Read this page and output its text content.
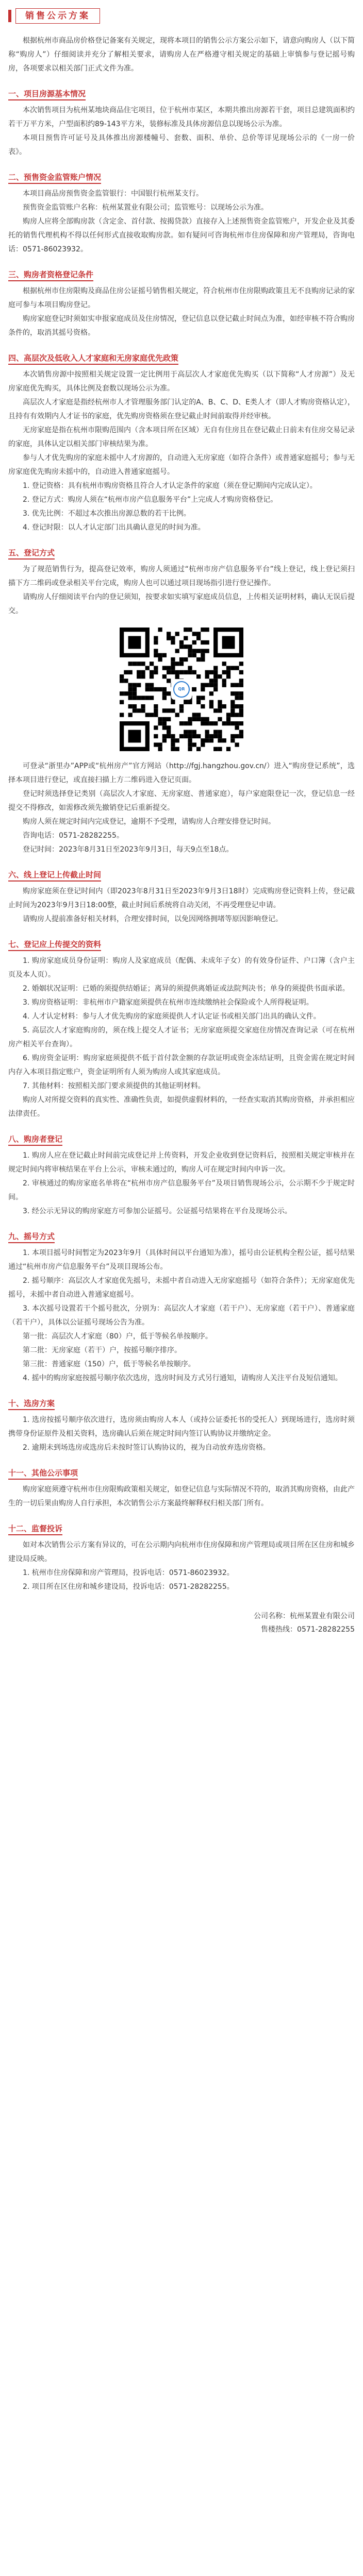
销售公示方案

根据杭州市商品房价格登记备案有关规定，现将本项目的销售公示方案公示如下，请意向购房人（以下简称“购房人”）仔细阅读并充分了解相关要求，请购房人在严格遵守相关规定的基础上审慎参与登记摇号购房，各项要求以相关部门正式文件为准。

一、项目房源基本情况

本次销售项目为杭州某地块商品住宅项目，位于杭州市某区，本期共推出房源若干套，项目总建筑面积约若干万平方米，户型面积约89-143平方米，装修标准及具体房源信息以现场公示为准。

本项目预售许可证号及具体推出房源楼幢号、套数、面积、单价、总价等详见现场公示的《一房一价表》。

二、预售资金监管账户情况

本项目商品房预售资金监管银行：中国银行杭州某支行。

预售资金监管账户名称：杭州某置业有限公司；监管账号：以现场公示为准。

购房人应将全部购房款（含定金、首付款、按揭贷款）直接存入上述预售资金监管账户，开发企业及其委托的销售代理机构不得以任何形式直接收取购房款。如有疑问可咨询杭州市住房保障和房产管理局，咨询电话：0571-86023932。

三、购房者资格登记条件

根据杭州市住房限购及商品住房公证摇号销售相关规定，符合杭州市住房限购政策且无不良购房记录的家庭可参与本项目购房登记。

购房家庭登记时须如实申报家庭成员及住房情况，登记信息以登记截止时间点为准，如经审核不符合购房条件的，取消其摇号资格。

四、高层次及低收入人才家庭和无房家庭优先政策

本次销售房源中按照相关规定设置一定比例用于高层次人才家庭优先购买（以下简称“人才房源”）及无房家庭优先购买，具体比例及套数以现场公示为准。

高层次人才家庭是指经杭州市人才管理服务部门认定的A、B、C、D、E类人才（即人才购房资格认定），且持有有效期内人才证书的家庭，优先购房资格须在登记截止时间前取得并经审核。

无房家庭是指在杭州市限购范围内（含本项目所在区域）无自有住房且在登记截止日前未有住房交易记录的家庭，具体认定以相关部门审核结果为准。

参与人才优先购房的家庭未摇中人才房源的，自动进入无房家庭（如符合条件）或普通家庭摇号；参与无房家庭优先购房未摇中的，自动进入普通家庭摇号。

1. 登记资格：具有杭州市购房资格且符合人才认定条件的家庭（须在登记期间内完成认定）。

2. 登记方式：购房人须在“杭州市房产信息服务平台”上完成人才购房资格登记。

3. 优先比例：不超过本次推出房源总数的若干比例。

4. 登记时限：以人才认定部门出具确认意见的时间为准。

五、登记方式

为了规范销售行为，提高登记效率，购房人须通过“杭州市房产信息服务平台”线上登记，线上登记须扫描下方二维码或登录相关平台完成，购房人也可以通过项目现场指引进行登记操作。

请购房人仔细阅读平台内的登记须知，按要求如实填写家庭成员信息，上传相关证明材料，确认无误后提交。

QR

可登录“浙里办”APP或“杭州房产”官方网站（http://fgj.hangzhou.gov.cn/）进入“购房登记系统”，选择本项目进行登记，或直接扫描上方二维码进入登记页面。

登记时须选择登记类别（高层次人才家庭、无房家庭、普通家庭），每户家庭限登记一次，登记信息一经提交不得修改，如需修改须先撤销登记后重新提交。

购房人须在规定时间内完成登记，逾期不予受理，请购房人合理安排登记时间。

咨询电话：0571-28282255。

登记时间：2023年8月31日至2023年9月3日，每天9点至18点。

六、线上登记上传截止时间

购房家庭须在登记时间内（即2023年8月31日至2023年9月3日18时）完成购房登记资料上传，登记截止时间为2023年9月3日18:00整，截止时间后系统将自动关闭，不再受理登记申请。

请购房人提前准备好相关材料，合理安排时间，以免因网络拥堵等原因影响登记。

七、登记应上传提交的资料

1. 购房家庭成员身份证明：购房人及家庭成员（配偶、未成年子女）的有效身份证件、户口簿（含户主页及本人页）。

2. 婚姻状况证明：已婚的须提供结婚证；离异的须提供离婚证或法院判决书；单身的须提供书面承诺。

3. 购房资格证明：非杭州市户籍家庭须提供在杭州市连续缴纳社会保险或个人所得税证明。

4. 人才认定材料：参与人才优先购房的家庭须提供人才认定证书或相关部门出具的确认文件。

5. 高层次人才家庭购房的，须在线上提交人才证书；无房家庭须提交家庭住房情况查询记录（可在杭州房产相关平台查询）。

6. 购房资金证明：购房家庭须提供不低于首付款金额的存款证明或资金冻结证明，且资金需在规定时间内存入本项目指定账户，资金证明所有人须为购房人或其家庭成员。

7. 其他材料：按照相关部门要求须提供的其他证明材料。

购房人对所提交资料的真实性、准确性负责，如提供虚假材料的，一经查实取消其购房资格，并承担相应法律责任。

八、购房者登记

1. 购房人应在登记截止时间前完成登记并上传资料，开发企业收到登记资料后，按照相关规定审核并在规定时间内将审核结果在平台上公示，审核未通过的，购房人可在规定时间内申诉一次。

2. 审核通过的购房家庭名单将在“杭州市房产信息服务平台”及项目销售现场公示，公示期不少于规定时间。

3. 经公示无异议的购房家庭方可参加公证摇号。公证摇号结果将在平台及现场公示。

九、摇号方式

1. 本项目摇号时间暂定为2023年9月（具体时间以平台通知为准），摇号由公证机构全程公证，摇号结果通过“杭州市房产信息服务平台”及项目现场公布。

2. 摇号顺序：高层次人才家庭优先摇号，未摇中者自动进入无房家庭摇号（如符合条件）；无房家庭优先摇号，未摇中者自动进入普通家庭摇号。

3. 本次摇号设置若干个摇号批次，分别为：高层次人才家庭（若干户）、无房家庭（若干户）、普通家庭（若干户），具体以公证摇号现场公告为准。

第一批：高层次人才家庭（80）户，低于等候名单按顺序。

第二批：无房家庭（若干）户，按摇号顺序排序。

第三批：普通家庭（150）户，低于等候名单按顺序。

4. 摇中的购房家庭按摇号顺序依次选房，选房时间及方式另行通知，请购房人关注平台及短信通知。

十、选房方案

1. 选房按摇号顺序依次进行，选房须由购房人本人（或持公证委托书的受托人）到现场进行，选房时须携带身份证原件及相关资料，选房确认后须在规定时间内签订认购协议并缴纳定金。

2. 逾期未到场选房或选房后未按时签订认购协议的，视为自动放弃选房资格。

十一、其他公示事项

购房家庭须遵守杭州市住房限购政策相关规定，如登记信息与实际情况不符的，取消其购房资格，由此产生的一切后果由购房人自行承担，本次销售公示方案最终解释权归相关部门所有。

十二、监督投诉

如对本次销售公示方案有异议的，可在公示期内向杭州市住房保障和房产管理局或项目所在区住房和城乡建设局反映。

1. 杭州市住房保障和房产管理局，投诉电话：0571-86023932。

2. 项目所在区住房和城乡建设局，投诉电话：0571-28282255。

公司名称：杭州某置业有限公司
售楼热线：0571-28282255
